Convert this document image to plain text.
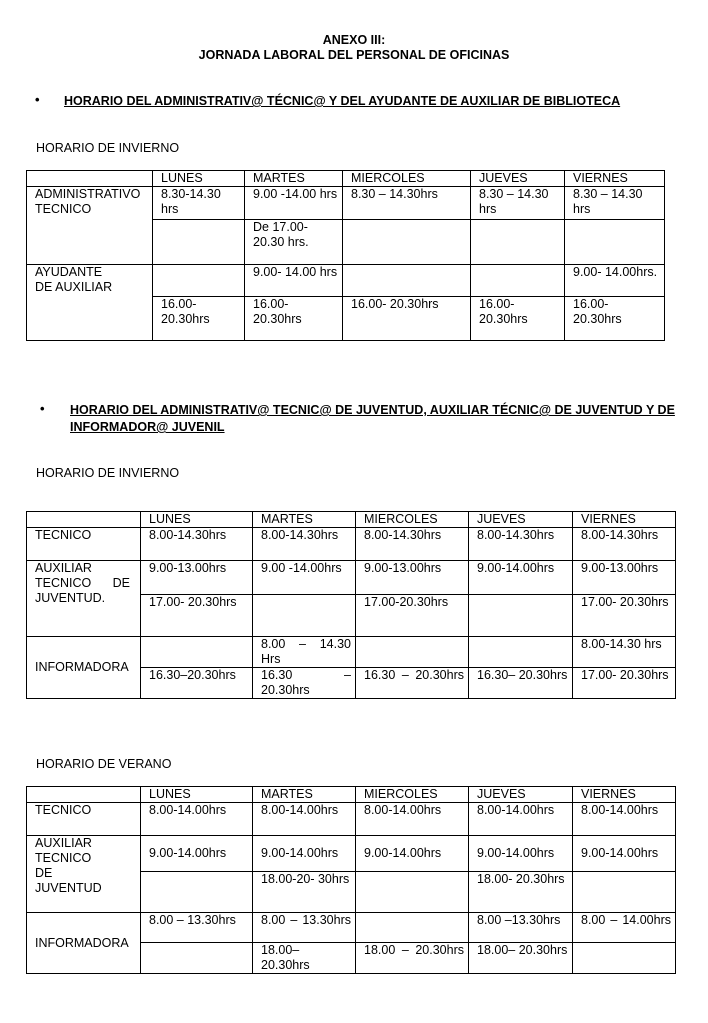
ANEXO III:
JORNADA LABORAL DEL PERSONAL DE OFICINAS
• HORARIO DEL ADMINISTRATIV@ TÉCNIC@ Y DEL AYUDANTE DE AUXILIAR DE BIBLIOTECA
HORARIO DE INVIERNO
	LUNES	MARTES	MIERCOLES	JUEVES	VIERNES

ADMINISTRATIVO
TECNICO	8.30-14.30 hrs	9.00 -14.00 hrs	8.30 – 14.30hrs	8.30 – 14.30 hrs	8.30 – 14.30 hrs
		De 17.00- 20.30 hrs.			

AYUDANTE
DE AUXILIAR		9.00- 14.00 hrs			9.00- 14.00hrs.
	16.00- 20.30hrs	16.00- 20.30hrs	16.00- 20.30hrs	16.00- 20.30hrs	16.00- 20.30hrs
• HORARIO DEL ADMINISTRATIV@ TECNIC@ DE JUVENTUD, AUXILIAR TÉCNIC@ DE JUVENTUD Y DE
INFORMADOR@ JUVENIL
HORARIO DE INVIERNO
	LUNES	MARTES	MIERCOLES	JUEVES	VIERNES
TECNICO	8.00-14.30hrs	8.00-14.30hrs	8.00-14.30hrs	8.00-14.30hrs	8.00-14.30hrs

AUXILIAR TECNICO DE JUVENTUD.	9.00-13.00hrs	9.00 -14.00hrs	9.00-13.00hrs	9.00-14.00hrs	9.00-13.00hrs
	17.00- 20.30hrs		17.00-20.30hrs		17.00- 20.30hrs
INFORMADORA		8.00 – 14.30 Hrs			8.00-14.30 hrs
	16.30–20.30hrs	16.30 – 20.30hrs	16.30 – 20.30hrs	16.30– 20.30hrs	17.00- 20.30hrs
HORARIO DE VERANO
	LUNES	MARTES	MIERCOLES	JUEVES	VIERNES
TECNICO	8.00-14.00hrs	8.00-14.00hrs	8.00-14.00hrs	8.00-14.00hrs	8.00-14.00hrs
AUXILIAR TECNICO DE JUVENTUD	9.00-14.00hrs	9.00-14.00hrs	9.00-14.00hrs	9.00-14.00hrs	9.00-14.00hrs
		18.00-20- 30hrs		18.00- 20.30hrs	
INFORMADORA	8.00 – 13.30hrs	8.00 – 13.30hrs		8.00 –13.30hrs	8.00 – 14.00hrs

		18.00– 20.30hrs	18.00 – 20.30hrs	18.00– 20.30hrs	
